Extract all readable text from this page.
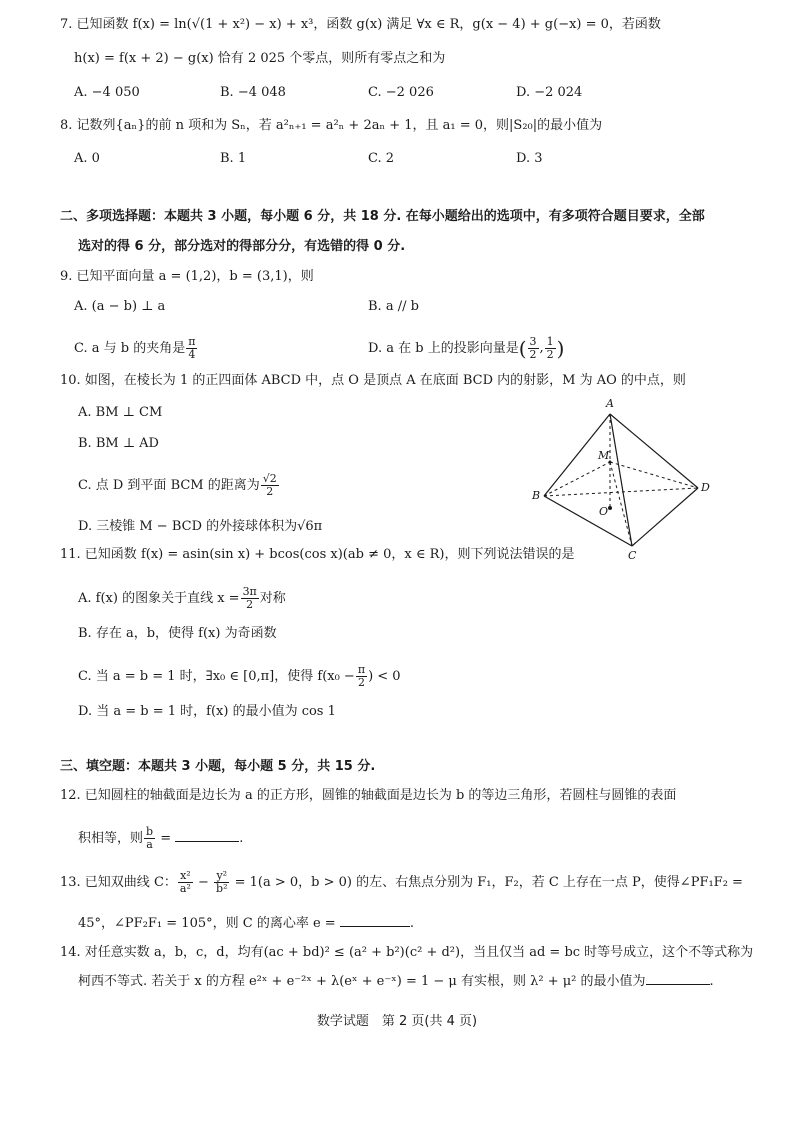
7. 已知函数 f(x) = ln(√(1 + x²) − x) + x³，函数 g(x) 满足 ∀x ∈ R，g(x − 4) + g(−x) = 0，若函数
h(x) = f(x + 2) − g(x) 恰有 2 025 个零点，则所有零点之和为
A. −4 050	B. −4 048	C. −2 026	D. −2 024
8. 记数列{aₙ}的前 n 项和为 Sₙ，若 a²ₙ₊₁ = a²ₙ + 2aₙ + 1，且 a₁ = 0，则|S₂₀|的最小值为
A. 0	B. 1	C. 2	D. 3
二、多项选择题：本题共 3 小题，每小题 6 分，共 18 分. 在每小题给出的选项中，有多项符合题目要求，全部
选对的得 6 分，部分选对的得部分分，有选错的得 0 分.
9. 已知平面向量 a = (1,2)，b = (3,1)，则
A. (a − b) ⊥ a	B. a // b
C. a 与 b 的夹角是 $\frac{\pi}{4}$	D. a 在 b 上的投影向量是( $\frac{3}{2}$ , $\frac{1}{2}$ )
10. 如图，在棱长为 1 的正四面体 ABCD 中，点 O 是顶点 A 在底面 BCD 内的射影，M 为 AO 的中点，则
A. BM ⊥ CM
B. BM ⊥ AD
C. 点 D 到平面 BCM 的距离为 $\frac{√2}{2}$
D. 三棱锥 M − BCD 的外接球体积为√6π
A
B
C
D
M
O
11. 已知函数 f(x) = asin(sin x) + bcos(cos x)(ab ≠ 0，x ∈ R)，则下列说法错误的是
A. f(x) 的图象关于直线 $x = \frac{3\pi}{2}$ 对称
B. 存在 a，b，使得 f(x) 为奇函数
C. 当 a = b = 1 时，∃x₀ ∈ [0,π]，使得 $f(x_0 - \frac{\pi}{2}$ ) < 0
D. 当 a = b = 1 时，f(x) 的最小值为 cos 1
三、填空题：本题共 3 小题，每小题 5 分，共 15 分.
12. 已知圆柱的轴截面是边长为 a 的正方形，圆锥的轴截面是边长为 b 的等边三角形，若圆柱与圆锥的表面
积相等，则 $\frac{b}{a}$ =	.
13. 已知双曲线 C： $\frac{\text{x²}}{\text{a²}} - \frac{\text{y²}}{\text{b²}} = 1(a > 0$，b > 0) 的左、右焦点分别为 F₁，F₂，若 C 上存在一点 P，使得∠PF₁F₂ =
45°，∠PF₂F₁ = 105°，则 C 的离心率 e =	.
14. 对任意实数 a，b，c，d，均有(ac + bd)² ≤ (a² + b²)(c² + d²)，当且仅当 ad = bc 时等号成立，这个不等式称为
柯西不等式. 若关于 x 的方程 e²ˣ + e⁻²ˣ + λ(eˣ + e⁻ˣ) = 1 − μ 有实根，则 λ² + μ² 的最小值为	.
数学试题　第 2 页(共 4 页)
